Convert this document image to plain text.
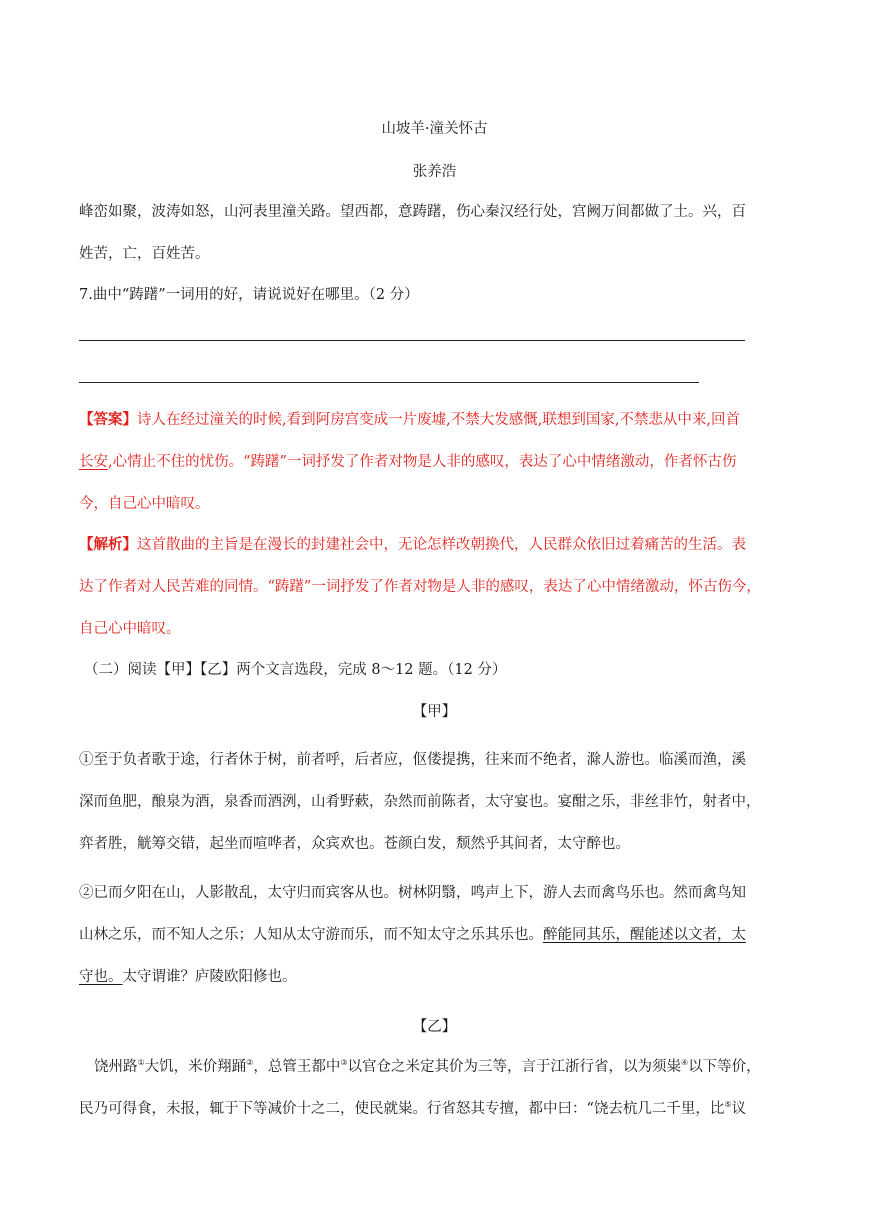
山坡羊·潼关怀古
张养浩
峰峦如聚，波涛如怒，山河表里潼关路。望西都，意踌躇，伤心秦汉经行处，宫阙万间都做了土。兴，百
姓苦，亡，百姓苦。
7.曲中“踌躇”一词用的好，请说说好在哪里。（2 分）
【答案】诗人在经过潼关的时候,看到阿房宫变成一片废墟,不禁大发感慨,联想到国家,不禁悲从中来,回首
长安,心情止不住的忧伤。“踌躇”一词抒发了作者对物是人非的感叹，表达了心中情绪激动，作者怀古伤
今，自己心中暗叹。
【解析】这首散曲的主旨是在漫长的封建社会中，无论怎样改朝换代，人民群众依旧过着痛苦的生活。表
达了作者对人民苦难的同情。“踌躇”一词抒发了作者对物是人非的感叹，表达了心中情绪激动，怀古伤今，
自己心中暗叹。
（二）阅读【甲】【乙】两个文言选段，完成 8～12 题。（12 分）
【甲】
①至于负者歌于途，行者休于树，前者呼，后者应，伛偻提携，往来而不绝者，滁人游也。临溪而渔，溪
深而鱼肥，酿泉为酒，泉香而酒洌，山肴野蔌，杂然而前陈者，太守宴也。宴酣之乐，非丝非竹，射者中，
弈者胜，觥筹交错，起坐而喧哗者，众宾欢也。苍颜白发，颓然乎其间者，太守醉也。
②已而夕阳在山，人影散乱，太守归而宾客从也。树林阴翳，鸣声上下，游人去而禽鸟乐也。然而禽鸟知
山林之乐，而不知人之乐；人知从太守游而乐，而不知太守之乐其乐也。醉能同其乐，醒能述以文者，太
守也。太守谓谁？庐陵欧阳修也。
【乙】
饶州路①大饥，米价翔踊②，总管王都中③以官仓之米定其价为三等，言于江浙行省，以为须粜④以下等价，
民乃可得食，未报，辄于下等减价十之二，使民就粜。行省怒其专擅，都中曰：“饶去杭几二千里，比⑤议
